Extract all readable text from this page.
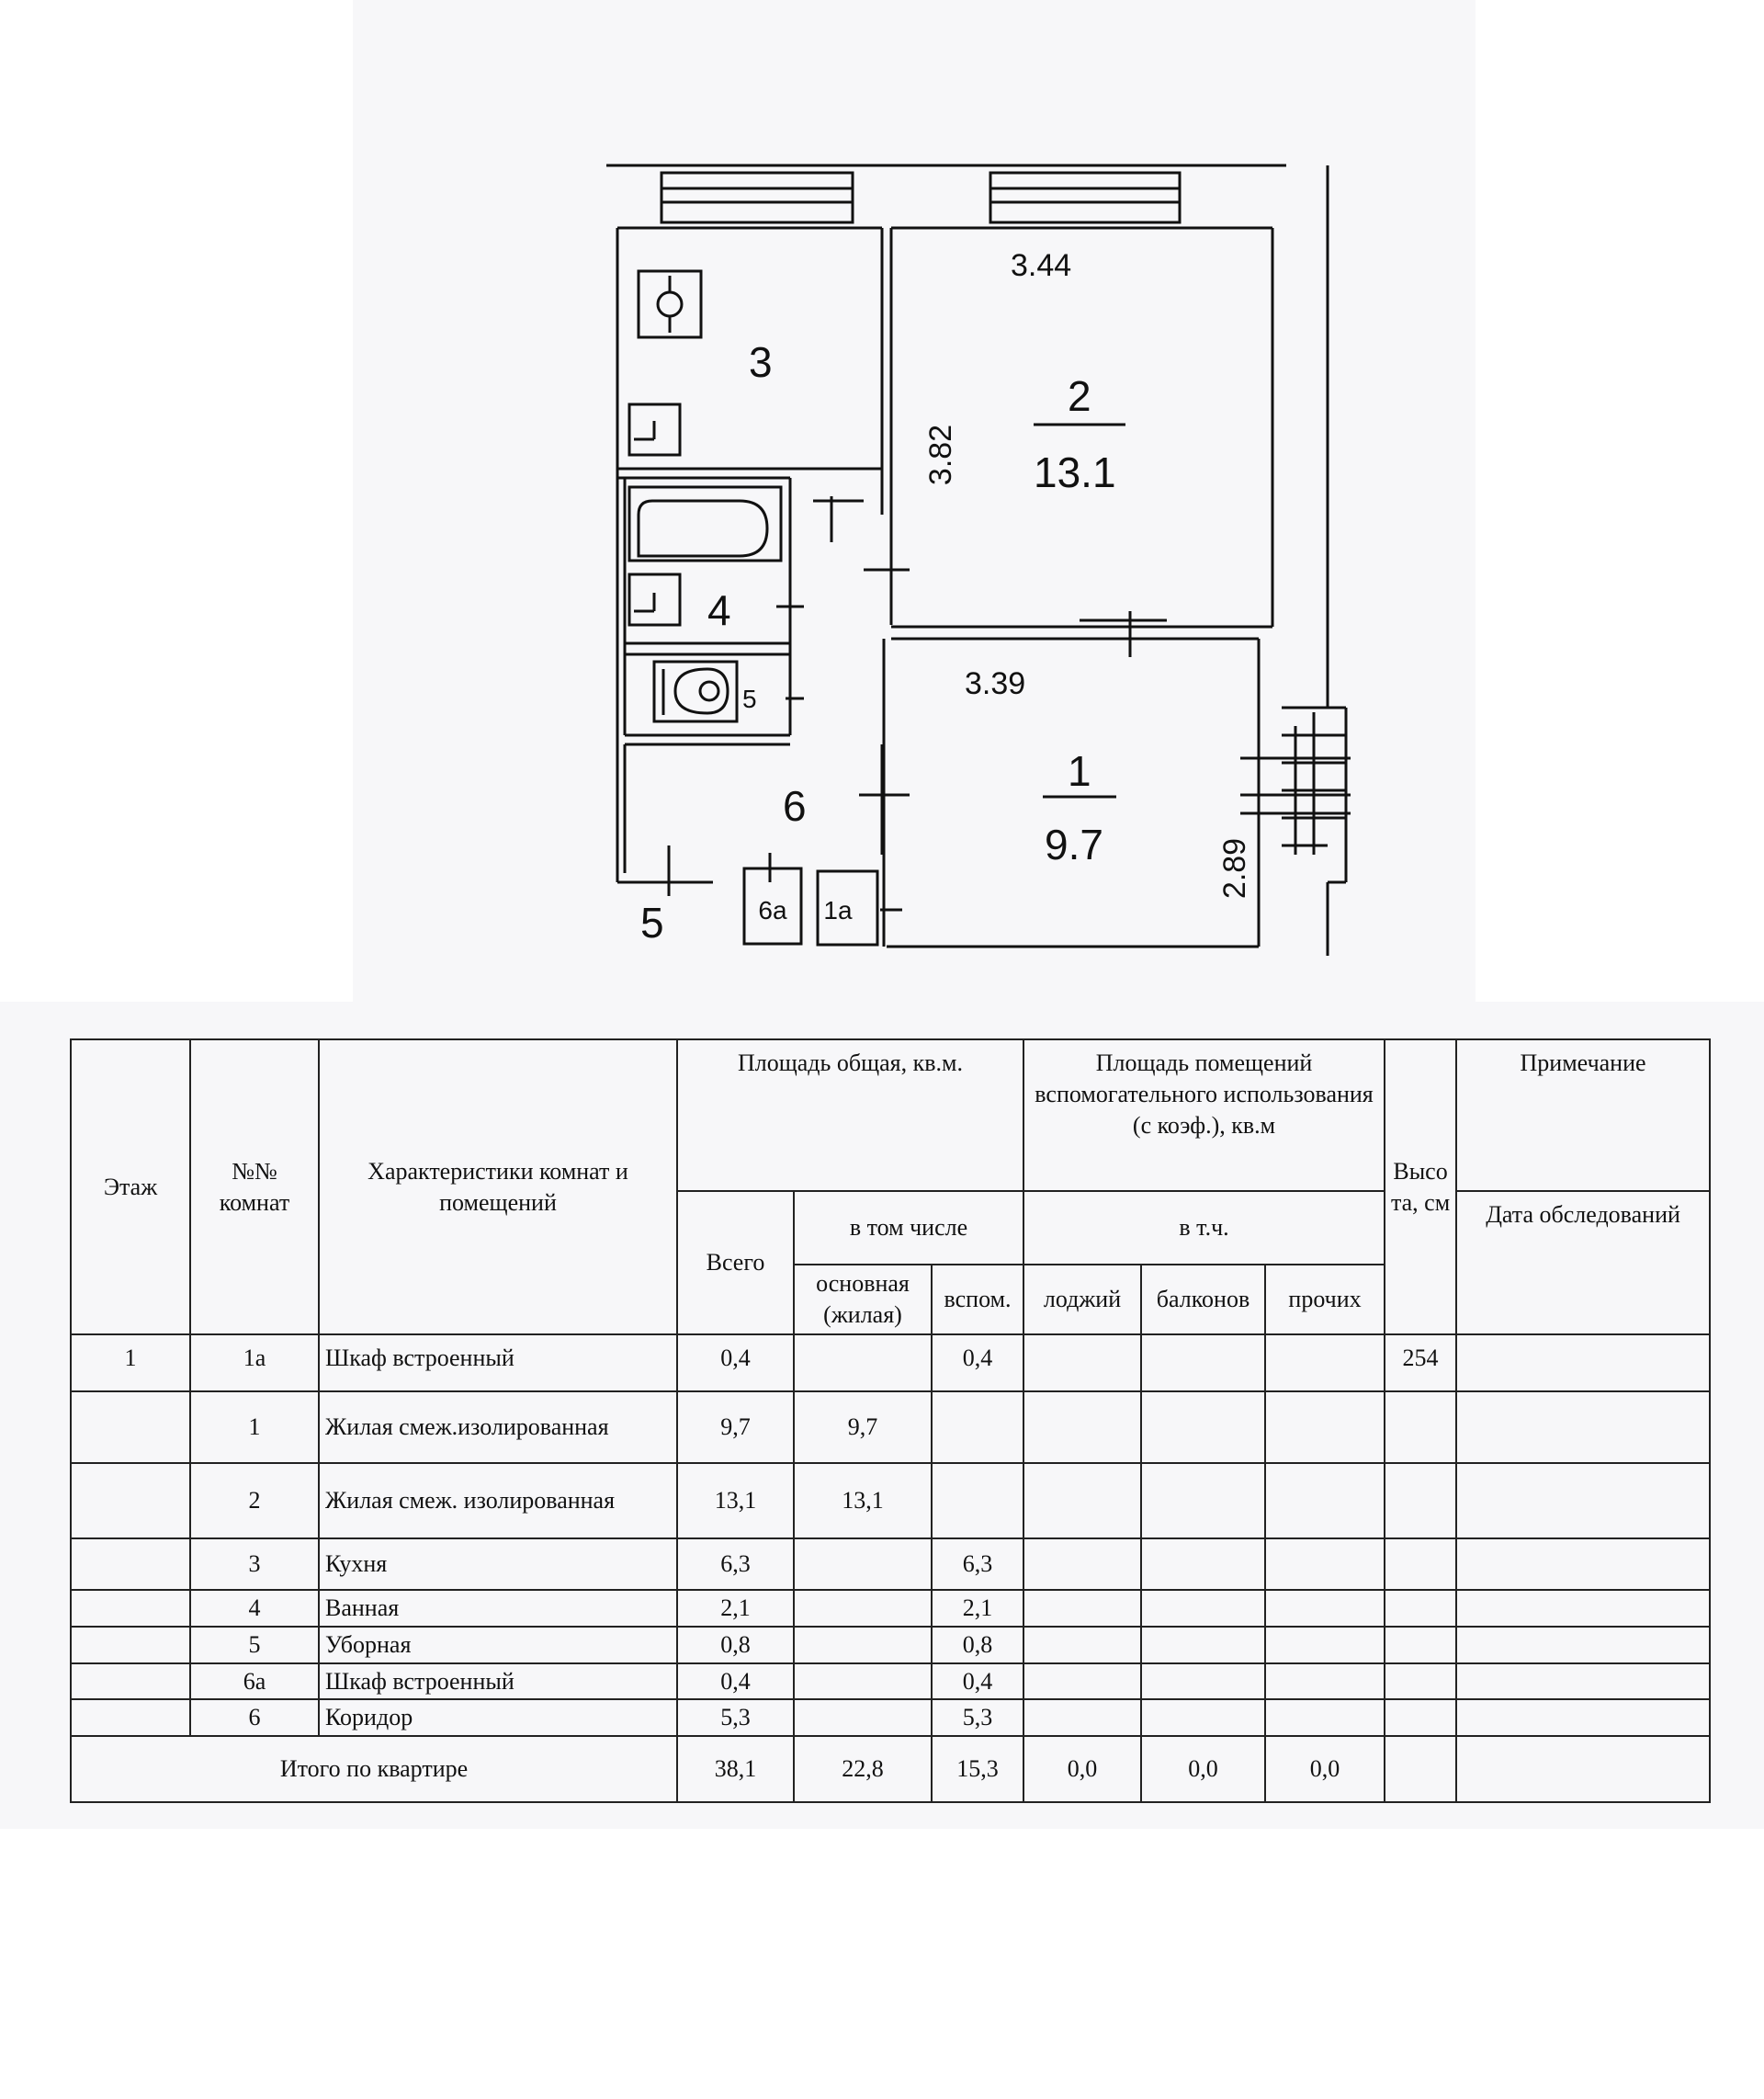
3.44
3
2
13.1
3.82
4
5	3.39
6
1
9.7	2.89
6а 1а
5
Этаж	№№ комнат	Характеристики комнат и помещений	Площадь общая, кв.м.			Площадь помещений вспомогательного использования (с коэф.), кв.м			Высо та, см	Примечание
			Всего	в том числе		в т.ч.				Дата обследований
				основная (жилая)	вспом.	лоджий	балконов	прочих		
1	1а	Шкаф встроенный	0,4		0,4				254	
	1	Жилая смеж.изолированная	9,7	9,7						
	2	Жилая смеж. изолированная	13,1	13,1						
	3	Кухня	6,3		6,3					
	4	Ванная	2,1		2,1					
	5	Уборная	0,8		0,8					
	6а	Шкаф встроенный	0,4		0,4					
	6	Коридор	5,3		5,3					
Итого по квартире			38,1	22,8	15,3	0,0	0,0	0,0		
